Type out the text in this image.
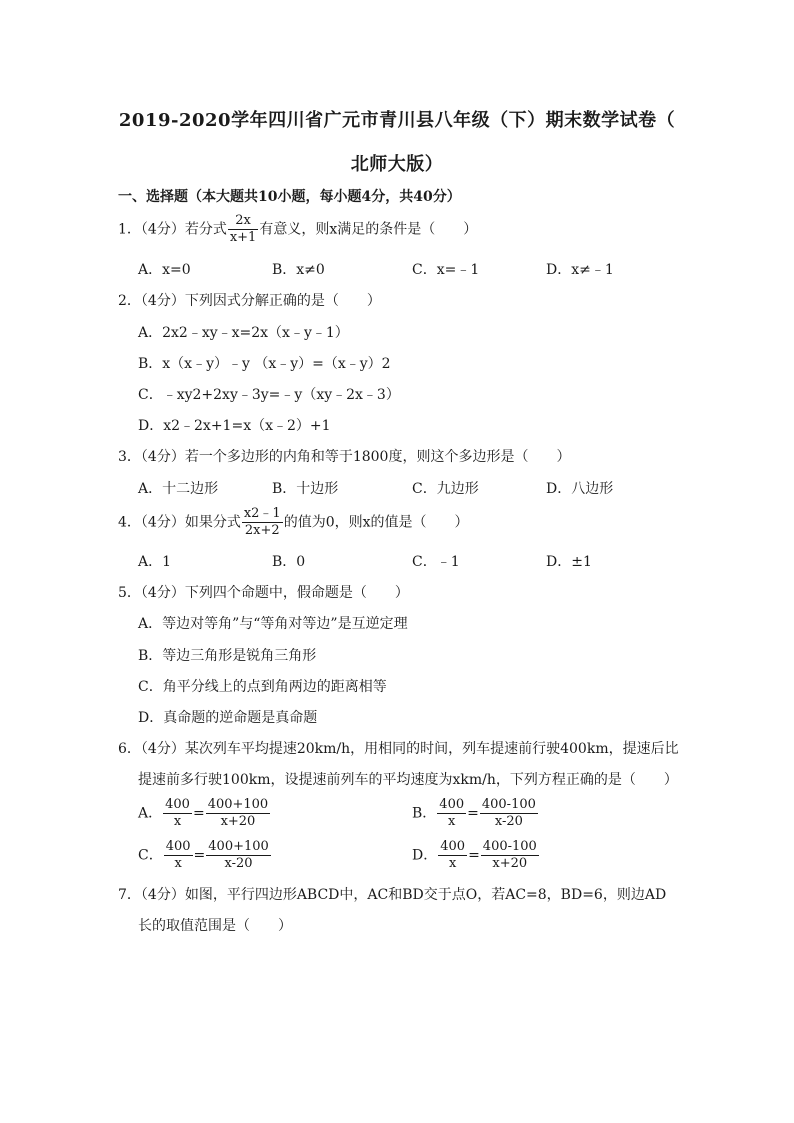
2019-2020学年四川省广元市青川县八年级（下）期末数学试卷（
北师大版）
一、选择题（本大题共10小题，每小题4分，共40分）
1．（4分）若分式 $\frac{2x}{x+1}$ 有意义，则x满足的条件是（　　）
A．x=0	B．x≠0	C．x=﹣1	D．x≠﹣1
2．（4分）下列因式分解正确的是（　　）
A．2x2﹣xy﹣x=2x（x﹣y﹣1）
B．x（x﹣y）﹣y （x﹣y）=（x﹣y）2
C．﹣xy2+2xy﹣3y=﹣y（xy﹣2x﹣3）
D．x2﹣2x+1=x（x﹣2）+1
3．（4分）若一个多边形的内角和等于1800度，则这个多边形是（　　）
A．十二边形	B．十边形	C．九边形	D．八边形
4．（4分）如果分式 $\frac{x2﹣1}{2x+2}$ 的值为0，则x的值是（　　）
A．1	B．0	C．﹣1	D．±1
5．（4分）下列四个命题中，假命题是（　　）
A．等边对等角”与“等角对等边”是互逆定理
B．等边三角形是锐角三角形
C．角平分线上的点到角两边的距离相等
D．真命题的逆命题是真命题
6．（4分）某次列车平均提速20km/h，用相同的时间，列车提速前行驶400km，提速后比
提速前多行驶100km，设提速前列车的平均速度为xkm/h，下列方程正确的是（　　）
A． $\frac{400}{x} = \frac{400+100}{x+20}$	B． $\frac{400}{x} = \frac{400-100}{x-20}$
C． $\frac{400}{x} = \frac{400+100}{x-20}$	D． $\frac{400}{x} = \frac{400-100}{x+20}$
7．（4分）如图，平行四边形ABCD中，AC和BD交于点O，若AC=8，BD=6，则边AD
长的取值范围是（　　）
